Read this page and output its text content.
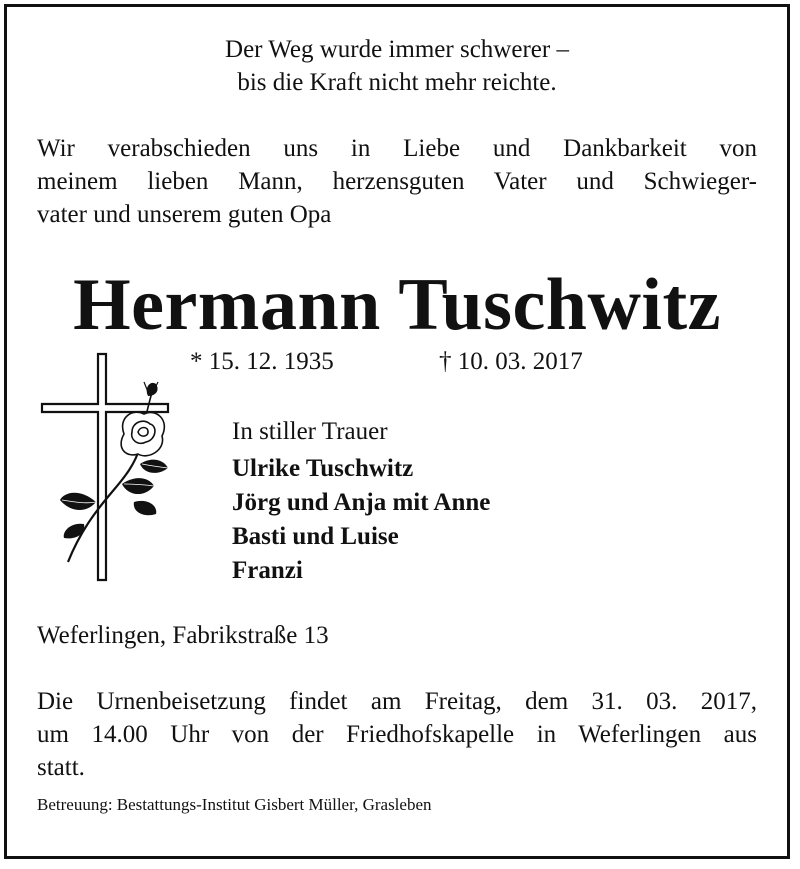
Der Weg wurde immer schwerer –
bis die Kraft nicht mehr reichte.
Wir verabschieden uns in Liebe und Dankbarkeit von
meinem lieben Mann, herzensguten Vater und Schwieger-
vater und unserem guten Opa
Hermann Tuschwitz
* 15. 12. 1935	† 10. 03. 2017
In stiller Trauer
Ulrike Tuschwitz
Jörg und Anja mit Anne
Basti und Luise
Franzi
Weferlingen, Fabrikstraße 13
Die Urnenbeisetzung findet am Freitag, dem 31. 03. 2017,
um 14.00 Uhr von der Friedhofskapelle in Weferlingen aus
statt.
Betreuung: Bestattungs-Institut Gisbert Müller, Grasleben
